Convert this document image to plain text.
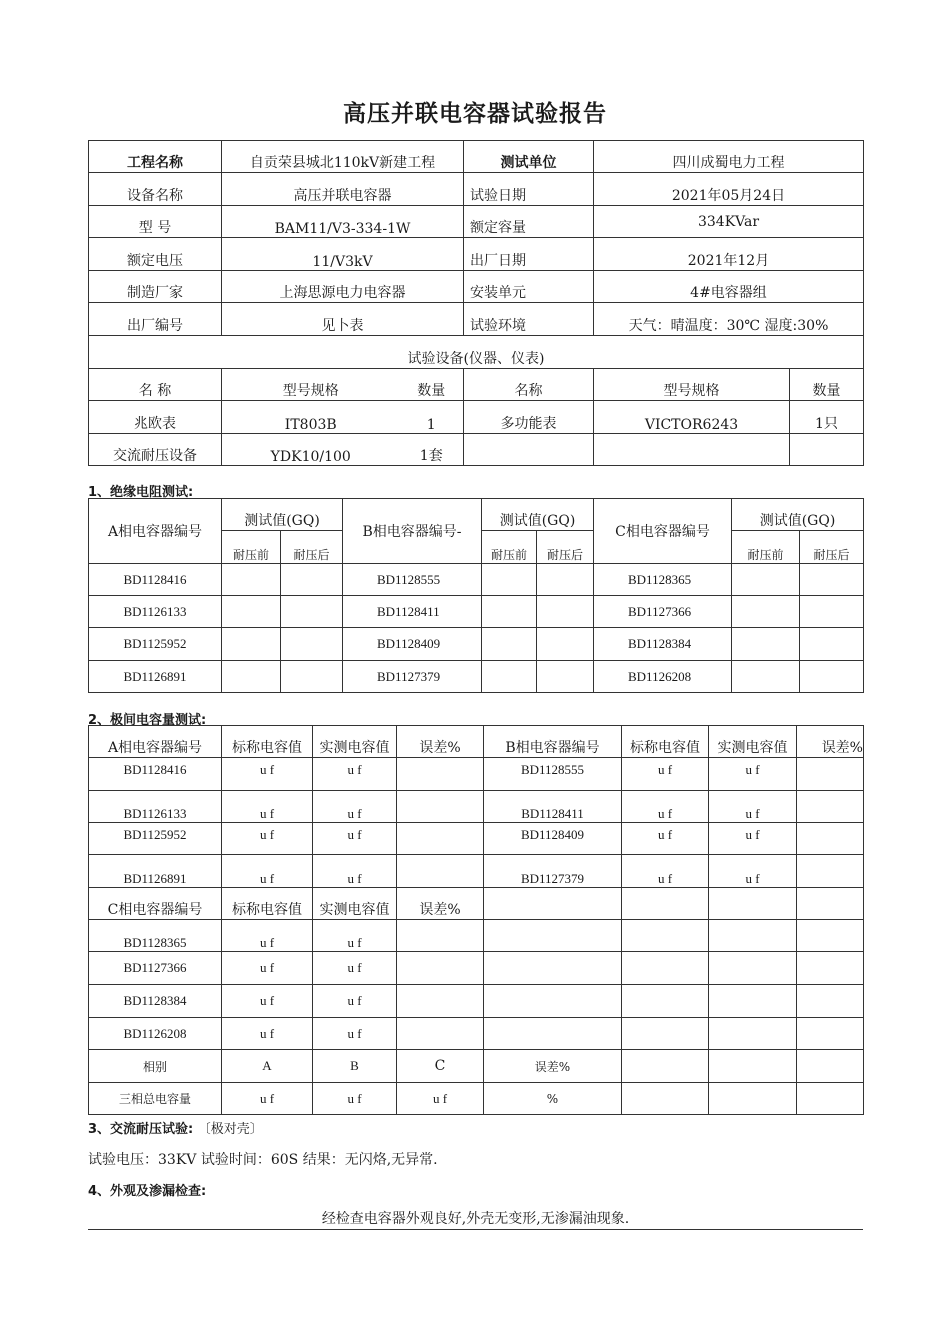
高压并联电容器试验报告
工程名称	自贡荣县城北110kV新建工程	测试单位	四川成蜀电力工程
设备名称	高压并联电容器	试验日期	2021年05月24日
型 号	BAM11/V3-334-1W	额定容量	334KVar
额定电压	11/V3kV	出厂日期	2021年12月
制造厂家	上海思源电力电容器	安装单元	4#电容器组
出厂编号	见卜表	试验环境	天气：晴温度：30℃ 湿度:30%
试验设备(仪器、仪表)					
名 称	型号规格	数量	名称	型号规格	数量
兆欧表	IT803B	1	多功能表	VICTOR6243	1只
交流耐压设备	YDK10/100	1套			
1、绝缘电阻测试:
A相电容器编号	测试值(GQ)		B相电容器编号-	测试值(GQ)		C相电容器编号	测试值(GQ)	
	耐压前	耐压后		耐压前	耐压后		耐压前	耐压后
BD1128416			BD1128555			BD1128365		
BD1126133			BD1128411			BD1127366		
BD1125952			BD1128409			BD1128384		
BD1126891			BD1127379			BD1126208		
2、极间电容量测试:
A相电容器编号	标称电容值	实测电容值	误差%	B相电容器编号	标称电容值	实测电容值	误差%
BD1128416	u f	u f		BD1128555	u f	u f	
BD1126133	u f	u f		BD1128411	u f	u f	
BD1125952	u f	u f		BD1128409	u f	u f	
BD1126891	u f	u f		BD1127379	u f	u f	
C相电容器编号	标称电容值	实测电容值	误差%				
BD1128365	u f	u f					
BD1127366	u f	u f					
BD1128384	u f	u f					
BD1126208	u f	u f					
相别	A	B	C	误差%			
三相总电容量	u f	u f	u f	%			
3、交流耐压试验: 〔极对壳〕
试验电压：33KV 试验时间：60S 结果：无闪烙,无异常.
4、外观及渗漏检查:
经检查电容器外观良好,外壳无变形,无渗漏油现象.
